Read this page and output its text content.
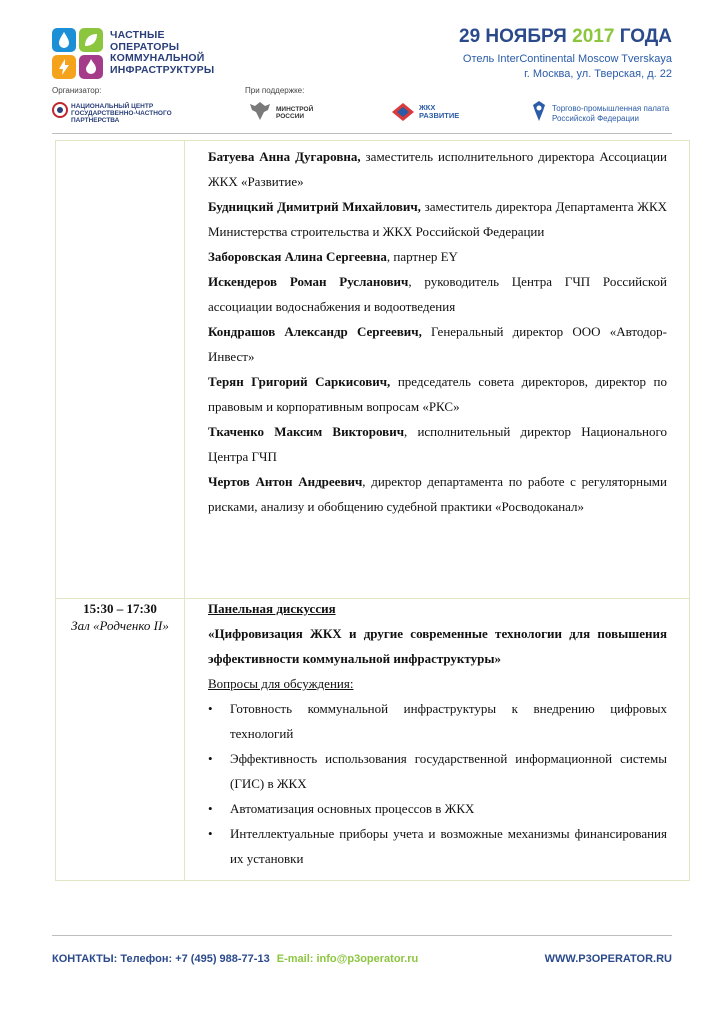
ЧАСТНЫЕ
ОПЕРАТОРЫ
КОММУНАЛЬНОЙ
ИНФРАСТРУКТУРЫ
29 НОЯБРЯ 2017 ГОДА
Отель InterContinental Moscow Tverskaya
г. Москва, ул. Тверская, д. 22
Организатор:	При поддержке:
НАЦИОНАЛЬНЫЙ ЦЕНТР
ГОСУДАРСТВЕННО-ЧАСТНОГО
ПАРТНЕРСТВА
МИНСТРОЙ
РОССИИ
ЖКХ
РАЗВИТИЕ
Торгово-промышленная палата
Российской Федерации

Батуева Анна Дугаровна, заместитель исполнительного директора Ассоциации ЖКХ «Развитие»

Будницкий Димитрий Михайлович, заместитель директора Департамента ЖКХ Министерства строительства и ЖКХ Российской Федерации

Заборовская Алина Сергеевна, партнер EY

Искендеров Роман Русланович, руководитель Центра ГЧП Российской ассоциации водоснабжения и водоотведения

Кондрашов Александр Сергеевич, Генеральный директор ООО «Автодор-Инвест»

Терян Григорий Саркисович, председатель совета директоров, директор по правовым и корпоративным вопросам «РКС»

Ткаченко Максим Викторович, исполнительный директор Национального Центра ГЧП

Чертов Антон Андреевич, директор департамента по работе с регуляторными рисками, анализу и обобщению судебной практики «Росводоканал»

15:30 – 17:30
Зал «Родченко II»

Панельная дискуссия

«Цифровизация ЖКХ и другие современные технологии для повышения эффективности коммунальной инфраструктуры»

Вопросы для обсуждения:

• Готовность коммунальной инфраструктуры к внедрению цифровых технологий
• Эффективность использования государственной информационной системы (ГИС) в ЖКХ
• Автоматизация основных процессов в ЖКХ
• Интеллектуальные приборы учета и возможные механизмы финансирования их установки
КОНТАКТЫ: Телефон: +7 (495) 988-77-13 E-mail: info@p3operator.ru	WWW.P3OPERATOR.RU
